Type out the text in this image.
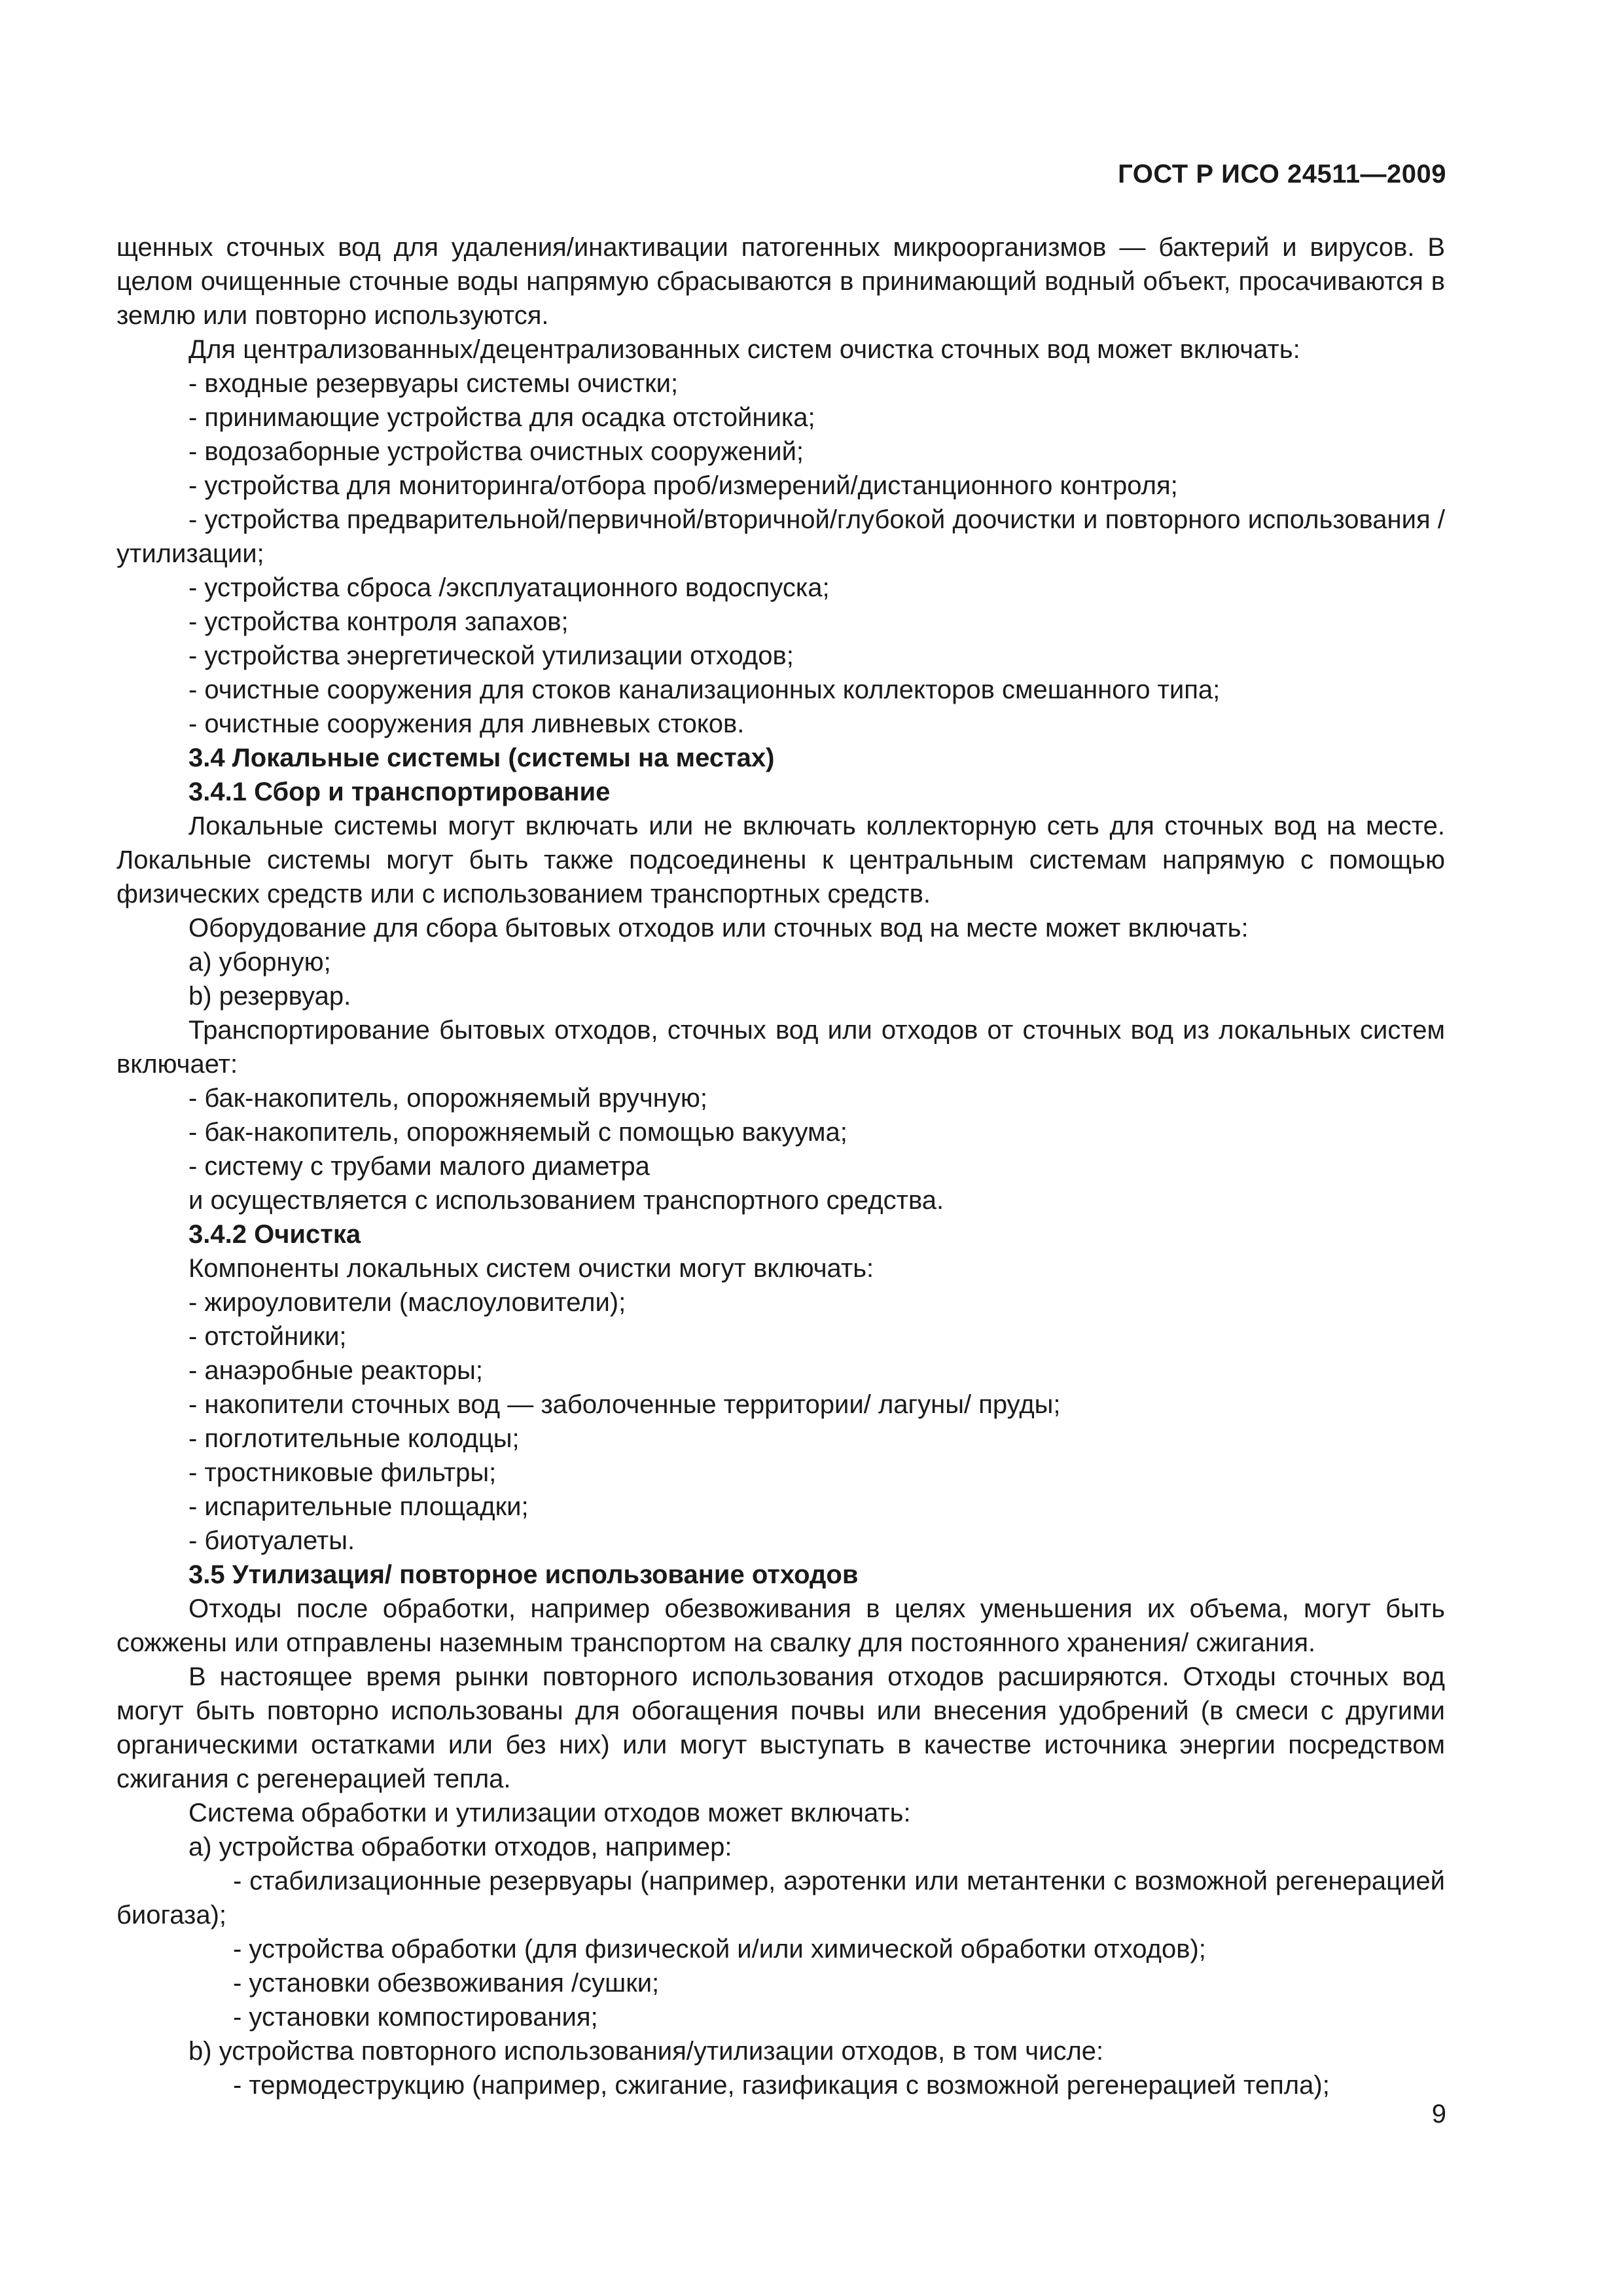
ГОСТ Р ИСО 24511—2009

щенных сточных вод для удаления/инактивации патогенных микроорганизмов — бактерий и вирусов. В целом очищенные сточные воды напрямую сбрасываются в принимающий водный объект, просачиваются в землю или повторно используются.

Для централизованных/децентрализованных систем очистка сточных вод может включать:

- входные резервуары системы очистки;

- принимающие устройства для осадка отстойника;

- водозаборные устройства очистных сооружений;

- устройства для мониторинга/отбора проб/измерений/дистанционного контроля;

- устройства предварительной/первичной/вторичной/глубокой доочистки и повторного использования /утилизации;

- устройства сброса /эксплуатационного водоспуска;

- устройства контроля запахов;

- устройства энергетической утилизации отходов;

- очистные сооружения для стоков канализационных коллекторов смешанного типа;

- очистные сооружения для ливневых стоков.

3.4 Локальные системы (системы на местах)

3.4.1 Сбор и транспортирование

Локальные системы могут включать или не включать коллекторную сеть для сточных вод на месте. Локальные системы могут быть также подсоединены к центральным системам напрямую с помощью физических средств или с использованием транспортных средств.

Оборудование для сбора бытовых отходов или сточных вод на месте может включать:

a) уборную;

b) резервуар.

Транспортирование бытовых отходов, сточных вод или отходов от сточных вод из локальных систем включает:

- бак-накопитель, опорожняемый вручную;

- бак-накопитель, опорожняемый с помощью вакуума;

- систему с трубами малого диаметра

и осуществляется с использованием транспортного средства.

3.4.2 Очистка

Компоненты локальных систем очистки могут включать:

- жироуловители (маслоуловители);

- отстойники;

- анаэробные реакторы;

- накопители сточных вод — заболоченные территории/ лагуны/ пруды;

- поглотительные колодцы;

- тростниковые фильтры;

- испарительные площадки;

- биотуалеты.

3.5 Утилизация/ повторное использование отходов

Отходы после обработки, например обезвоживания в целях уменьшения их объема, могут быть сожжены или отправлены наземным транспортом на свалку для постоянного хранения/ сжигания.

В настоящее время рынки повторного использования отходов расширяются. Отходы сточных вод могут быть повторно использованы для обогащения почвы или внесения удобрений (в смеси с другими органическими остатками или без них) или могут выступать в качестве источника энергии посредством сжигания с регенерацией тепла.

Система обработки и утилизации отходов может включать:

a) устройства обработки отходов, например:

- стабилизационные резервуары (например, аэротенки или метантенки с возможной регенерацией биогаза);

- устройства обработки (для физической и/или химической обработки отходов);

- установки обезвоживания /сушки;

- установки компостирования;

b) устройства повторного использования/утилизации отходов, в том числе:

- термодеструкцию (например, сжигание, газификация с возможной регенерацией тепла);

9
